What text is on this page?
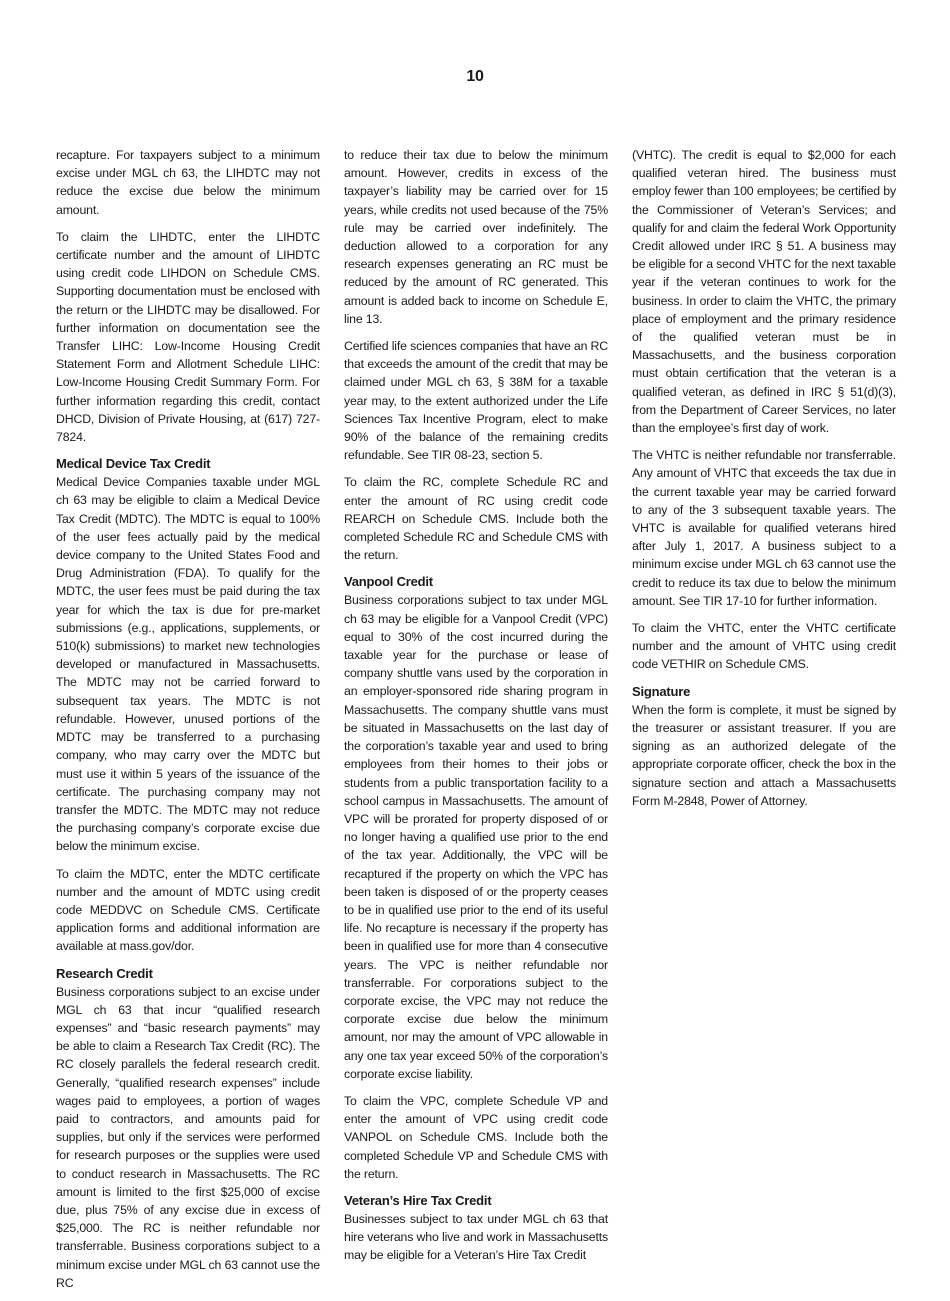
10

recapture. For taxpayers subject to a minimum excise under MGL ch 63, the LIHDTC may not reduce the excise due below the minimum amount.

To claim the LIHDTC, enter the LIHDTC certificate number and the amount of LIHDTC using credit code LIHDON on Schedule CMS. Supporting documentation must be enclosed with the return or the LIHDTC may be disallowed. For further information on documentation see the Transfer LIHC: Low-Income Housing Credit Statement Form and Allotment Schedule LIHC: Low-Income Housing Credit Summary Form. For further information regarding this credit, contact DHCD, Division of Private Housing, at (617) 727-7824.

Medical Device Tax Credit

Medical Device Companies taxable under MGL ch 63 may be eligible to claim a Medical Device Tax Credit (MDTC). The MDTC is equal to 100% of the user fees actually paid by the medical device company to the United States Food and Drug Administration (FDA). To qualify for the MDTC, the user fees must be paid during the tax year for which the tax is due for pre-market submissions (e.g., applications, supplements, or 510(k) submissions) to market new technologies developed or manufactured in Massachusetts. The MDTC may not be carried forward to subsequent tax years. The MDTC is not refundable. However, unused portions of the MDTC may be transferred to a purchasing company, who may carry over the MDTC but must use it within 5 years of the issuance of the certificate. The purchasing company may not transfer the MDTC. The MDTC may not reduce the purchasing company’s corporate excise due below the minimum excise.

To claim the MDTC, enter the MDTC certificate number and the amount of MDTC using credit code MEDDVC on Schedule CMS. Certificate application forms and additional information are available at mass.gov/dor.

Research Credit

Business corporations subject to an excise under MGL ch 63 that incur “qualified research expenses” and “basic research payments” may be able to claim a Research Tax Credit (RC). The RC closely parallels the federal research credit. Generally, “qualified research expenses” include wages paid to employees, a portion of wages paid to contractors, and amounts paid for supplies, but only if the services were performed for research purposes or the supplies were used to conduct research in Massachusetts. The RC amount is limited to the first $25,000 of excise due, plus 75% of any excise due in excess of $25,000. The RC is neither refundable nor transferrable. Business corporations subject to a minimum excise under MGL ch 63 cannot use the RC

to reduce their tax due to below the minimum amount. However, credits in excess of the taxpayer’s liability may be carried over for 15 years, while credits not used because of the 75% rule may be carried over indefinitely. The deduction allowed to a corporation for any research expenses generating an RC must be reduced by the amount of RC generated. This amount is added back to income on Schedule E, line 13.

Certified life sciences companies that have an RC that exceeds the amount of the credit that may be claimed under MGL ch 63, § 38M for a taxable year may, to the extent authorized under the Life Sciences Tax Incentive Program, elect to make 90% of the balance of the remaining credits refundable. See TIR 08-23, section 5.

To claim the RC, complete Schedule RC and enter the amount of RC using credit code REARCH on Schedule CMS. Include both the completed Schedule RC and Schedule CMS with the return.

Vanpool Credit

Business corporations subject to tax under MGL ch 63 may be eligible for a Vanpool Credit (VPC) equal to 30% of the cost incurred during the taxable year for the purchase or lease of company shuttle vans used by the corporation in an employer-sponsored ride sharing program in Massachusetts. The company shuttle vans must be situated in Massachusetts on the last day of the corporation’s taxable year and used to bring employees from their homes to their jobs or students from a public transportation facility to a school campus in Massachusetts. The amount of VPC will be prorated for property disposed of or no longer having a qualified use prior to the end of the tax year. Additionally, the VPC will be recaptured if the property on which the VPC has been taken is disposed of or the property ceases to be in qualified use prior to the end of its useful life. No recapture is necessary if the property has been in qualified use for more than 4 consecutive years. The VPC is neither refundable nor transferrable. For corporations subject to the corporate excise, the VPC may not reduce the corporate excise due below the minimum amount, nor may the amount of VPC allowable in any one tax year exceed 50% of the corporation’s corporate excise liability.

To claim the VPC, complete Schedule VP and enter the amount of VPC using credit code VANPOL on Schedule CMS. Include both the completed Schedule VP and Schedule CMS with the return.

Veteran’s Hire Tax Credit

Businesses subject to tax under MGL ch 63 that hire veterans who live and work in Massachusetts may be eligible for a Veteran’s Hire Tax Credit

(VHTC). The credit is equal to $2,000 for each qualified veteran hired. The business must employ fewer than 100 employees; be certified by the Commissioner of Veteran’s Services; and qualify for and claim the federal Work Opportunity Credit allowed under IRC § 51. A business may be eligible for a second VHTC for the next taxable year if the veteran continues to work for the business. In order to claim the VHTC, the primary place of employment and the primary residence of the qualified veteran must be in Massachusetts, and the business corporation must obtain certification that the veteran is a qualified veteran, as defined in IRC § 51(d)(3), from the Department of Career Services, no later than the employee’s first day of work.

The VHTC is neither refundable nor transferrable. Any amount of VHTC that exceeds the tax due in the current taxable year may be carried forward to any of the 3 subsequent taxable years. The VHTC is available for qualified veterans hired after July 1, 2017. A business subject to a minimum excise under MGL ch 63 cannot use the credit to reduce its tax due to below the minimum amount. See TIR 17-10 for further information.

To claim the VHTC, enter the VHTC certificate number and the amount of VHTC using credit code VETHIR on Schedule CMS.

Signature

When the form is complete, it must be signed by the treasurer or assistant treasurer. If you are signing as an authorized delegate of the appropriate corporate officer, check the box in the signature section and attach a Massachusetts Form M-2848, Power of Attorney.
